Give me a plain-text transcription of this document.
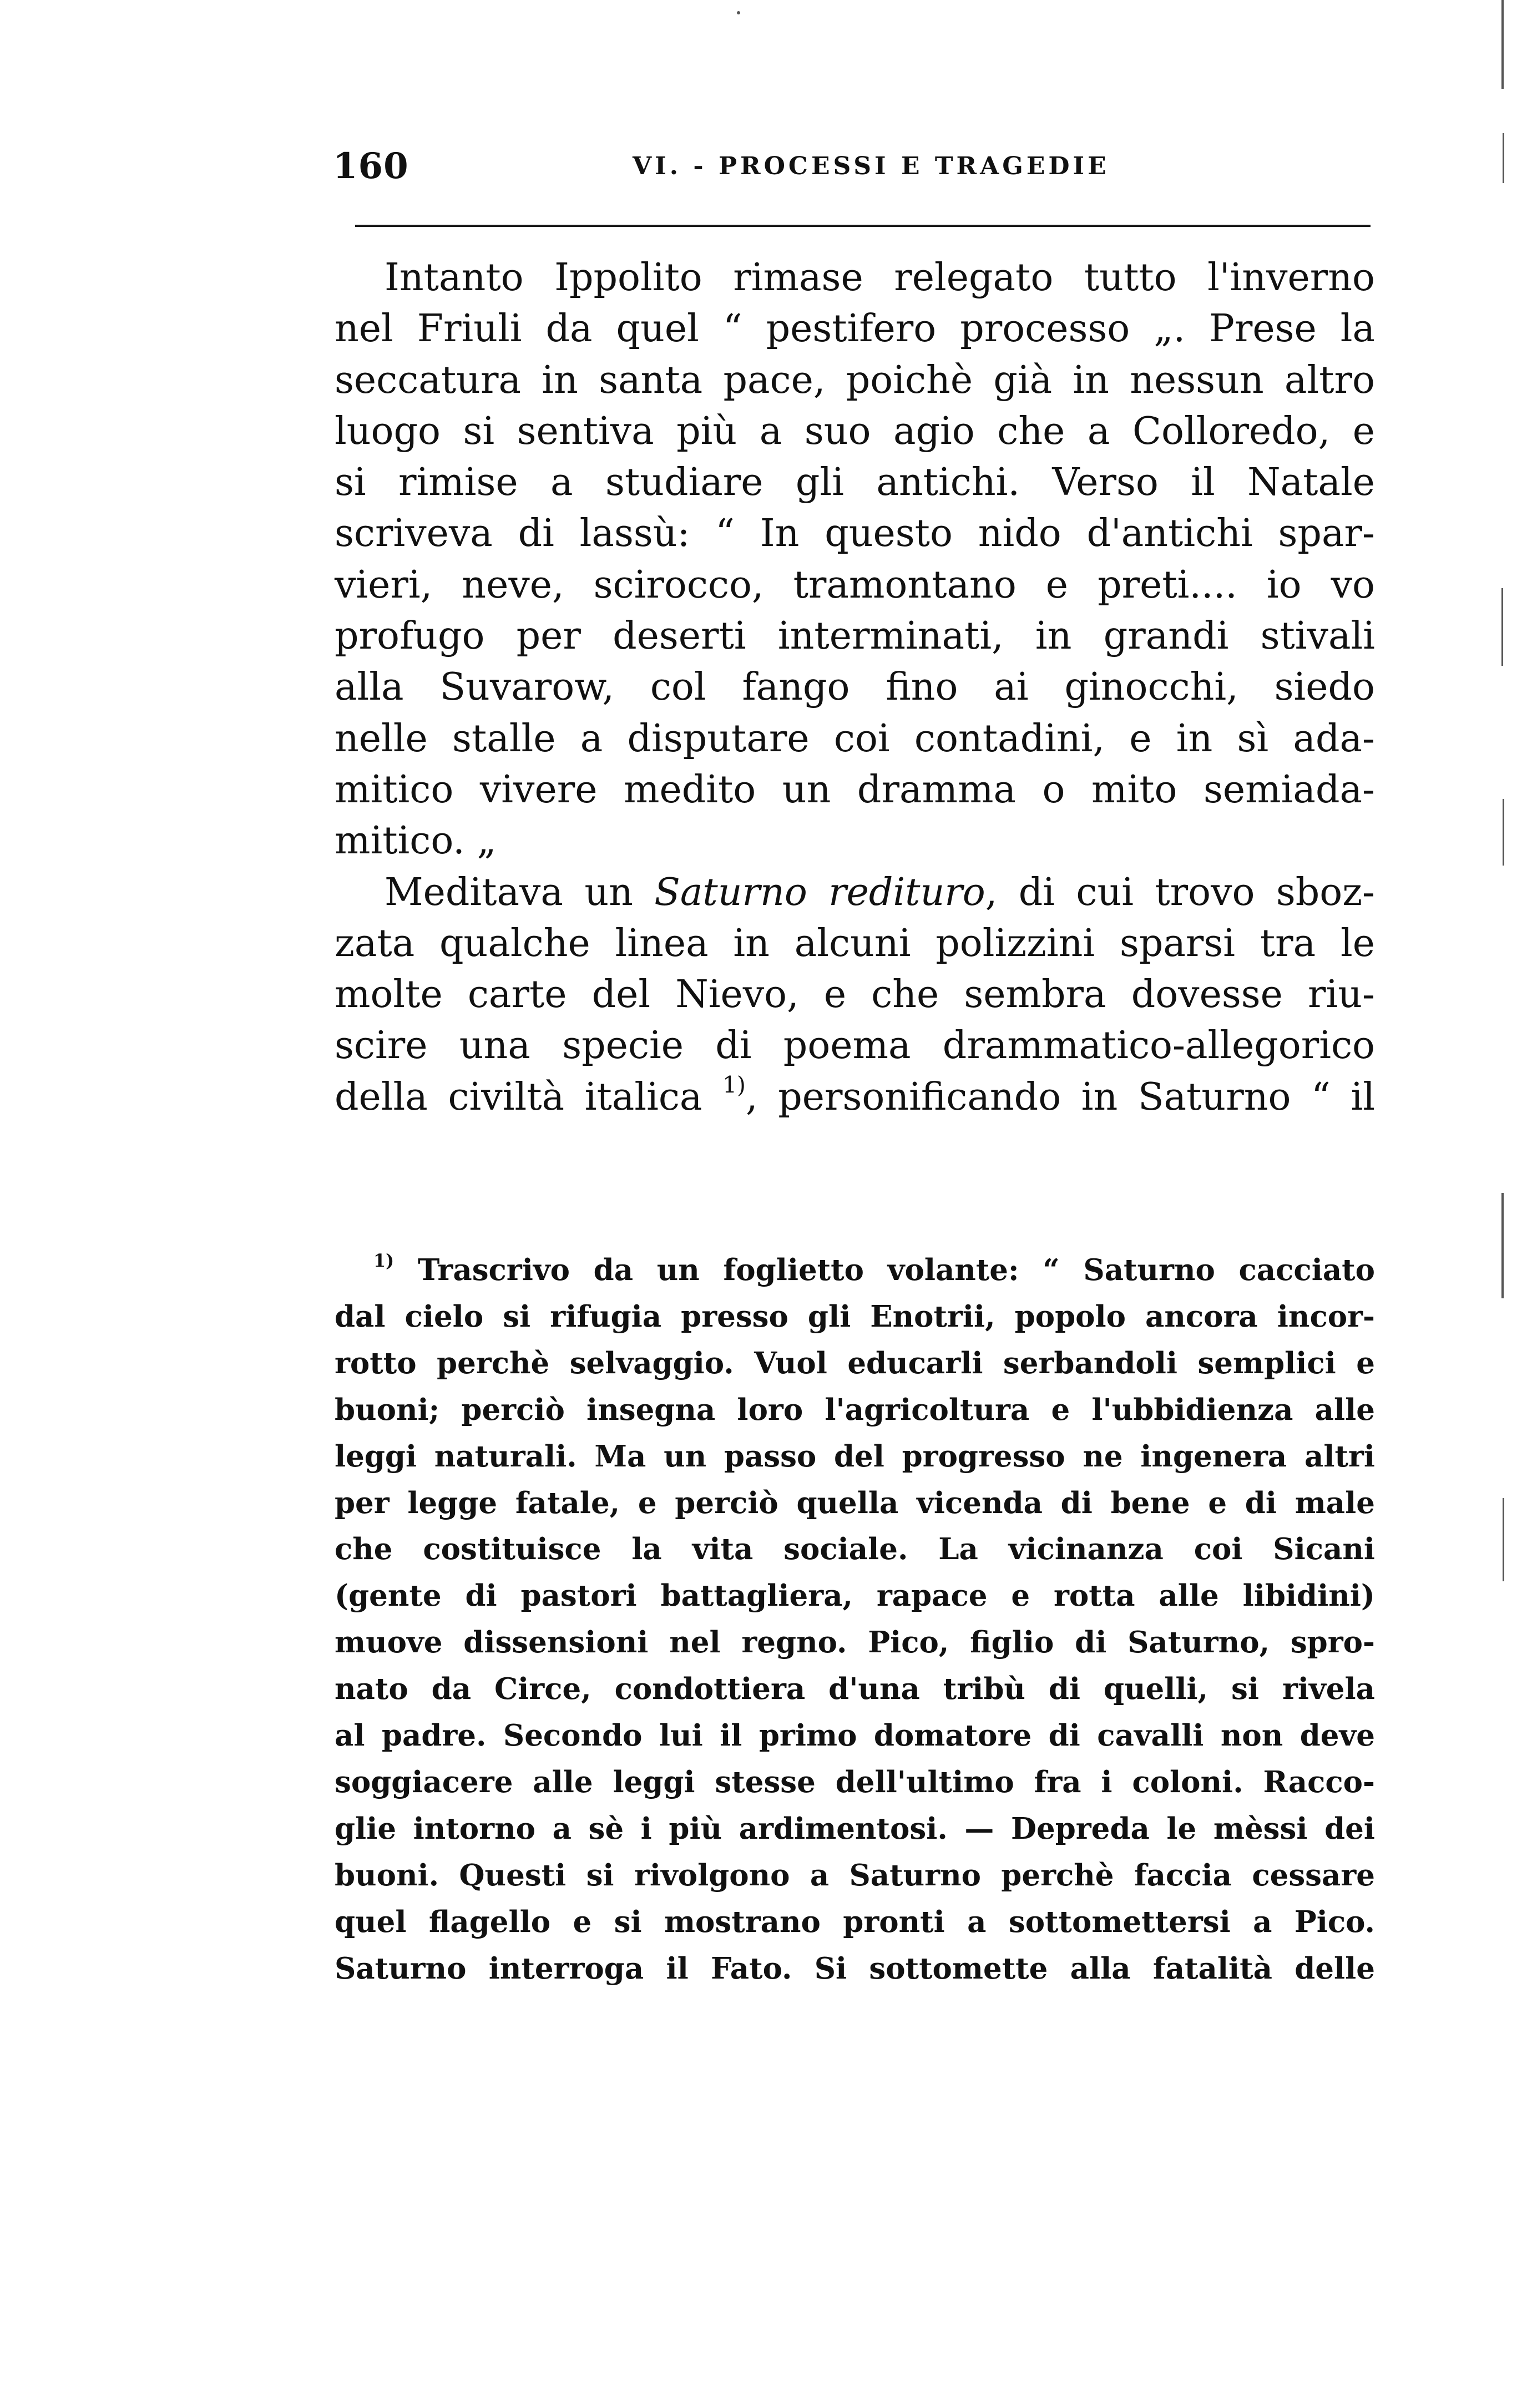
160	VI. - PROCESSI E TRAGEDIE
Intanto Ippolito rimase relegato tutto l'inverno
nel Friuli da quel “ pestifero processo „. Prese la
seccatura in santa pace, poichè già in nessun altro
luogo si sentiva più a suo agio che a Colloredo, e
si rimise a studiare gli antichi. Verso il Natale
scriveva di lassù: “ In questo nido d'antichi spar-
vieri, neve, scirocco, tramontano e preti.... io vo
profugo per deserti interminati, in grandi stivali
alla Suvarow, col fango fino ai ginocchi, siedo
nelle stalle a disputare coi contadini, e in sì ada-
mitico vivere medito un dramma o mito semiada-
mitico. „
Meditava un Saturno redituro, di cui trovo sboz-
zata qualche linea in alcuni polizzini sparsi tra le
molte carte del Nievo, e che sembra dovesse riu-
scire una specie di poema drammatico-allegorico
della civiltà italica $^{1)}$, personificando in Saturno “ il
$^{1)}$ Trascrivo da un foglietto volante: “ Saturno cacciato
dal cielo si rifugia presso gli Enotrii, popolo ancora incor-
rotto perchè selvaggio. Vuol educarli serbandoli semplici e
buoni; perciò insegna loro l'agricoltura e l'ubbidienza alle
leggi naturali. Ma un passo del progresso ne ingenera altri
per legge fatale, e perciò quella vicenda di bene e di male
che costituisce la vita sociale. La vicinanza coi Sicani
(gente di pastori battagliera, rapace e rotta alle libidini)
muove dissensioni nel regno. Pico, figlio di Saturno, spro-
nato da Circe, condottiera d'una tribù di quelli, si rivela
al padre. Secondo lui il primo domatore di cavalli non deve
soggiacere alle leggi stesse dell'ultimo fra i coloni. Racco-
glie intorno a sè i più ardimentosi. — Depreda le mèssi dei
buoni. Questi si rivolgono a Saturno perchè faccia cessare
quel flagello e si mostrano pronti a sottomettersi a Pico.
Saturno interroga il Fato. Si sottomette alla fatalità delle
